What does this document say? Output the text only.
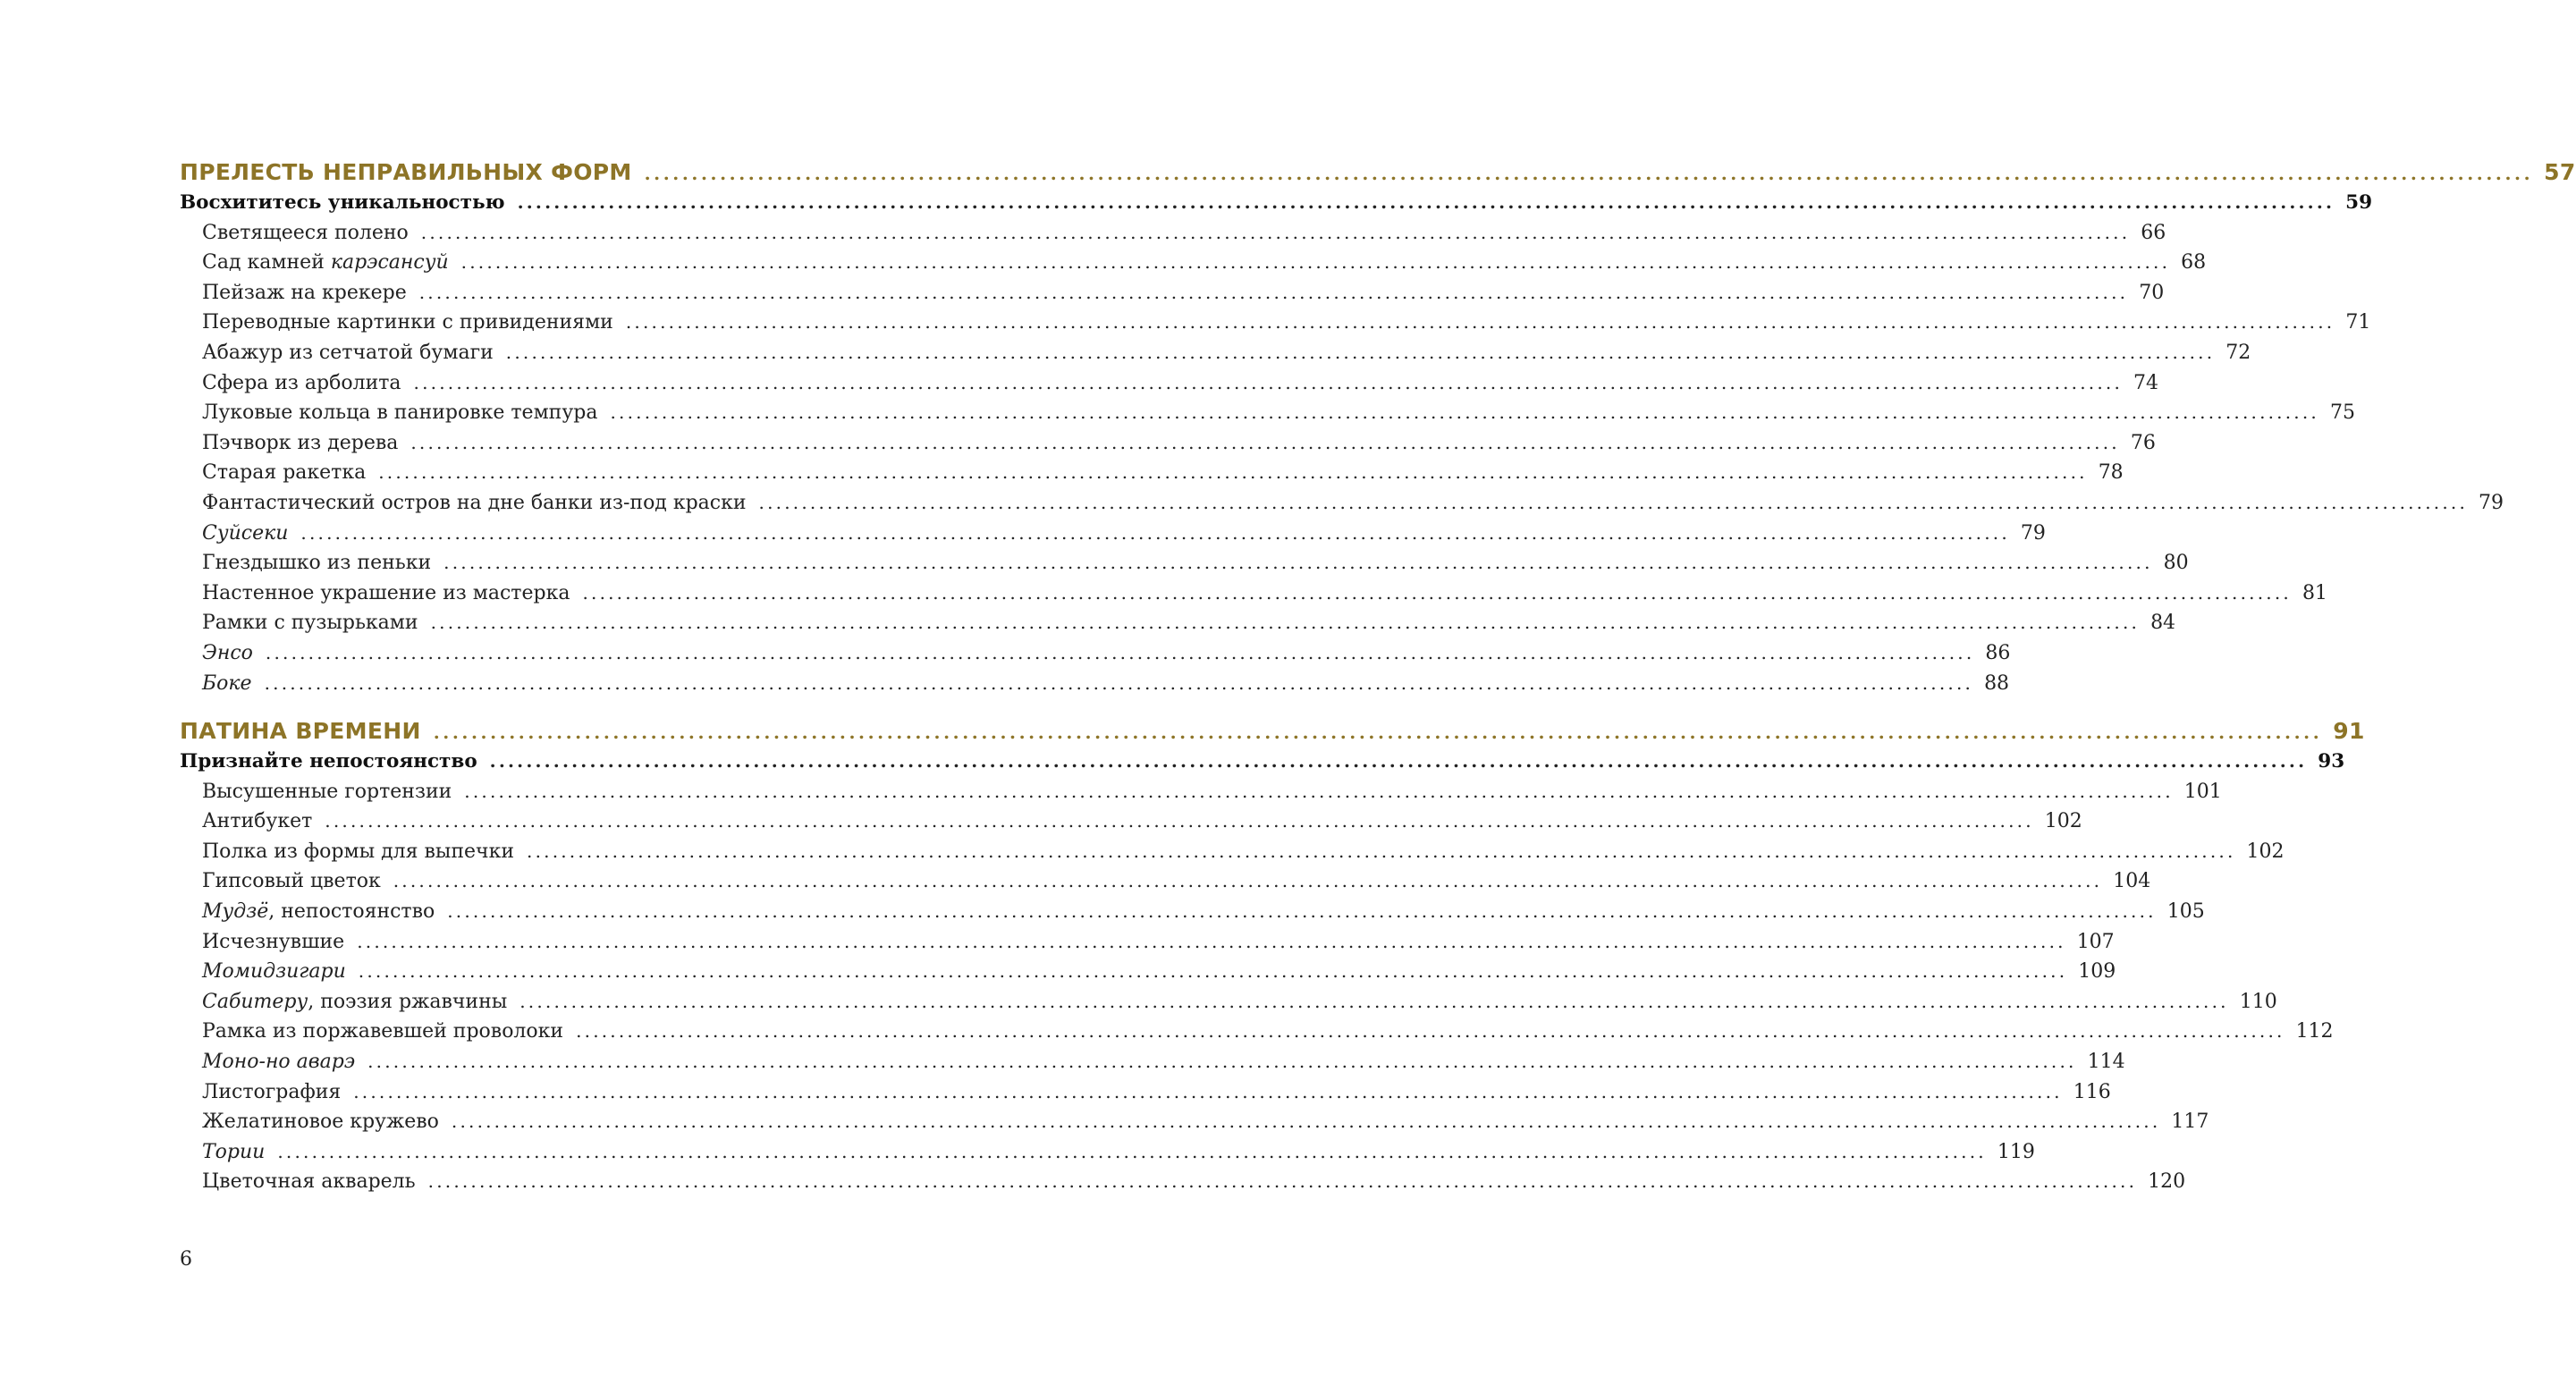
ПРЕЛЕСТЬ НЕПРАВИЛЬНЫХ ФОРМ ........................................................................................................................................................................................................ 57
Восхититесь уникальностью ........................................................................................................................................................................................................ 59
Светящееся полено ........................................................................................................................................................................................................ 66
Сад камней карэсансуй ........................................................................................................................................................................................................ 68
Пейзаж на крекере ........................................................................................................................................................................................................ 70
Переводные картинки с привидениями ........................................................................................................................................................................................................ 71
Абажур из сетчатой бумаги ........................................................................................................................................................................................................ 72
Сфера из арболита ........................................................................................................................................................................................................ 74
Луковые кольца в панировке темпура ........................................................................................................................................................................................................ 75
Пэчворк из дерева ........................................................................................................................................................................................................ 76
Старая ракетка ........................................................................................................................................................................................................ 78
Фантастический остров на дне банки из-под краски ........................................................................................................................................................................................................ 79
Суйсеки ........................................................................................................................................................................................................ 79
Гнездышко из пеньки ........................................................................................................................................................................................................ 80
Настенное украшение из мастерка ........................................................................................................................................................................................................ 81
Рамки с пузырьками ........................................................................................................................................................................................................ 84
Энсо ........................................................................................................................................................................................................ 86
Боке ........................................................................................................................................................................................................ 88
ПАТИНА ВРЕМЕНИ ........................................................................................................................................................................................................ 91
Признайте непостоянство ........................................................................................................................................................................................................ 93
Высушенные гортензии ........................................................................................................................................................................................................ 101
Антибукет ........................................................................................................................................................................................................ 102
Полка из формы для выпечки ........................................................................................................................................................................................................ 102
Гипсовый цветок ........................................................................................................................................................................................................ 104
Мудзё, непостоянство ........................................................................................................................................................................................................ 105
Исчезнувшие ........................................................................................................................................................................................................ 107
Момидзигари ........................................................................................................................................................................................................ 109
Сабитеру, поэзия ржавчины ........................................................................................................................................................................................................ 110
Рамка из поржавевшей проволоки ........................................................................................................................................................................................................ 112
Моно-но аварэ ........................................................................................................................................................................................................ 114
Листография ........................................................................................................................................................................................................ 116
Желатиновое кружево ........................................................................................................................................................................................................ 117
Тории ........................................................................................................................................................................................................ 119
Цветочная акварель ........................................................................................................................................................................................................ 120
6
